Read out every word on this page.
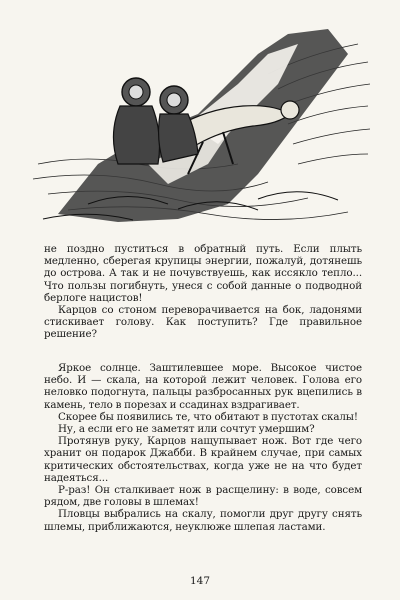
не поздно пуститься в обратный путь. Если плыть медленно, сберегая крупицы энергии, пожалуй, дотянешь до острова. А так и не почувствуешь, как иссякло тепло... Что пользы погибнуть, унеся с собой данные о подводной берлоге нацистов!

Карцов со стоном переворачивается на бок, ладонями стискивает голову. Как поступить? Где правильное решение?

Яркое солнце. Заштилевшее море. Высокое чистое небо. И — скала, на которой лежит человек. Голова его неловко подогнута, пальцы разбросанных рук вцепились в камень, тело в порезах и ссадинах вздрагивает.

Скорее бы появились те, что обитают в пустотах скалы!

Ну, а если его не заметят или сочтут умершим?

Протянув руку, Карцов нащупывает нож. Вот где чего хранит он подарок Джабби. В крайнем случае, при самых критических обстоятельствах, когда уже не на что будет надеяться...

Р-раз! Он сталкивает нож в расщелину: в воде, совсем рядом, две головы в шлемах!

Пловцы выбрались на скалу, помогли друг другу снять шлемы, приближаются, неуклюже шлепая ластами.

147
